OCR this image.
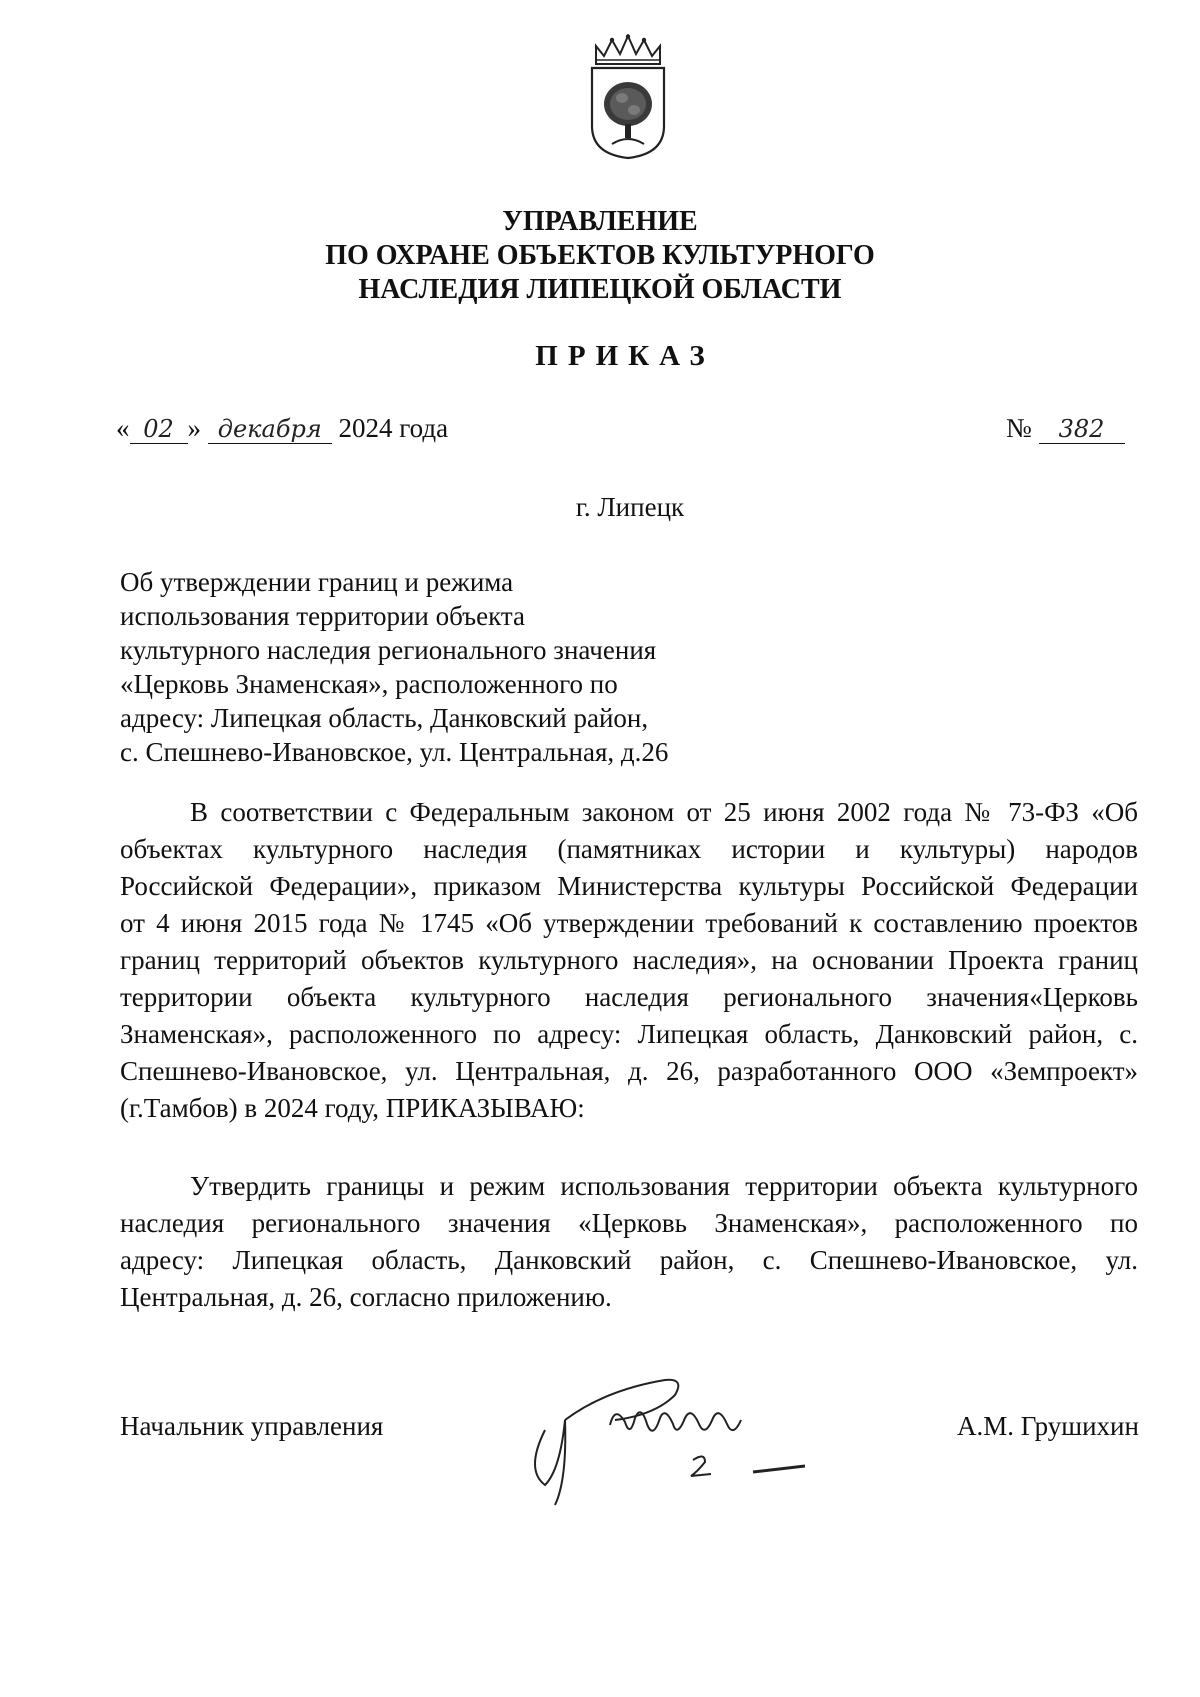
УПРАВЛЕНИЕ
ПО ОХРАНЕ ОБЪЕКТОВ КУЛЬТУРНОГО
НАСЛЕДИЯ ЛИПЕЦКОЙ ОБЛАСТИ
ПРИКАЗ
« 02 » декабря 2024 года	№ 382
г. Липецк
Об утверждении границ и режима
использования территории объекта
культурного наследия регионального значения
«Церковь Знаменская», расположенного по
адресу: Липецкая область, Данковский район,
с. Спешнево-Ивановское, ул. Центральная, д.26
В соответствии с Федеральным законом от 25 июня 2002 года № 73-ФЗ «Об
объектах культурного наследия (памятниках истории и культуры) народов
Российской Федерации», приказом Министерства культуры Российской Федерации
от 4 июня 2015 года № 1745 «Об утверждении требований к составлению проектов
границ территорий объектов культурного наследия», на основании Проекта границ
территории объекта культурного наследия регионального значения«Церковь
Знаменская», расположенного по адресу: Липецкая область, Данковский район, с.
Спешнево-Ивановское, ул. Центральная, д. 26, разработанного ООО «Земпроект»
(г.Тамбов) в 2024 году, ПРИКАЗЫВАЮ:
Утвердить границы и режим использования территории объекта культурного
наследия регионального значения «Церковь Знаменская», расположенного по
адресу: Липецкая область, Данковский район, с. Спешнево-Ивановское, ул.
Центральная, д. 26, согласно приложению.
Начальник управления	А.М. Грушихин
